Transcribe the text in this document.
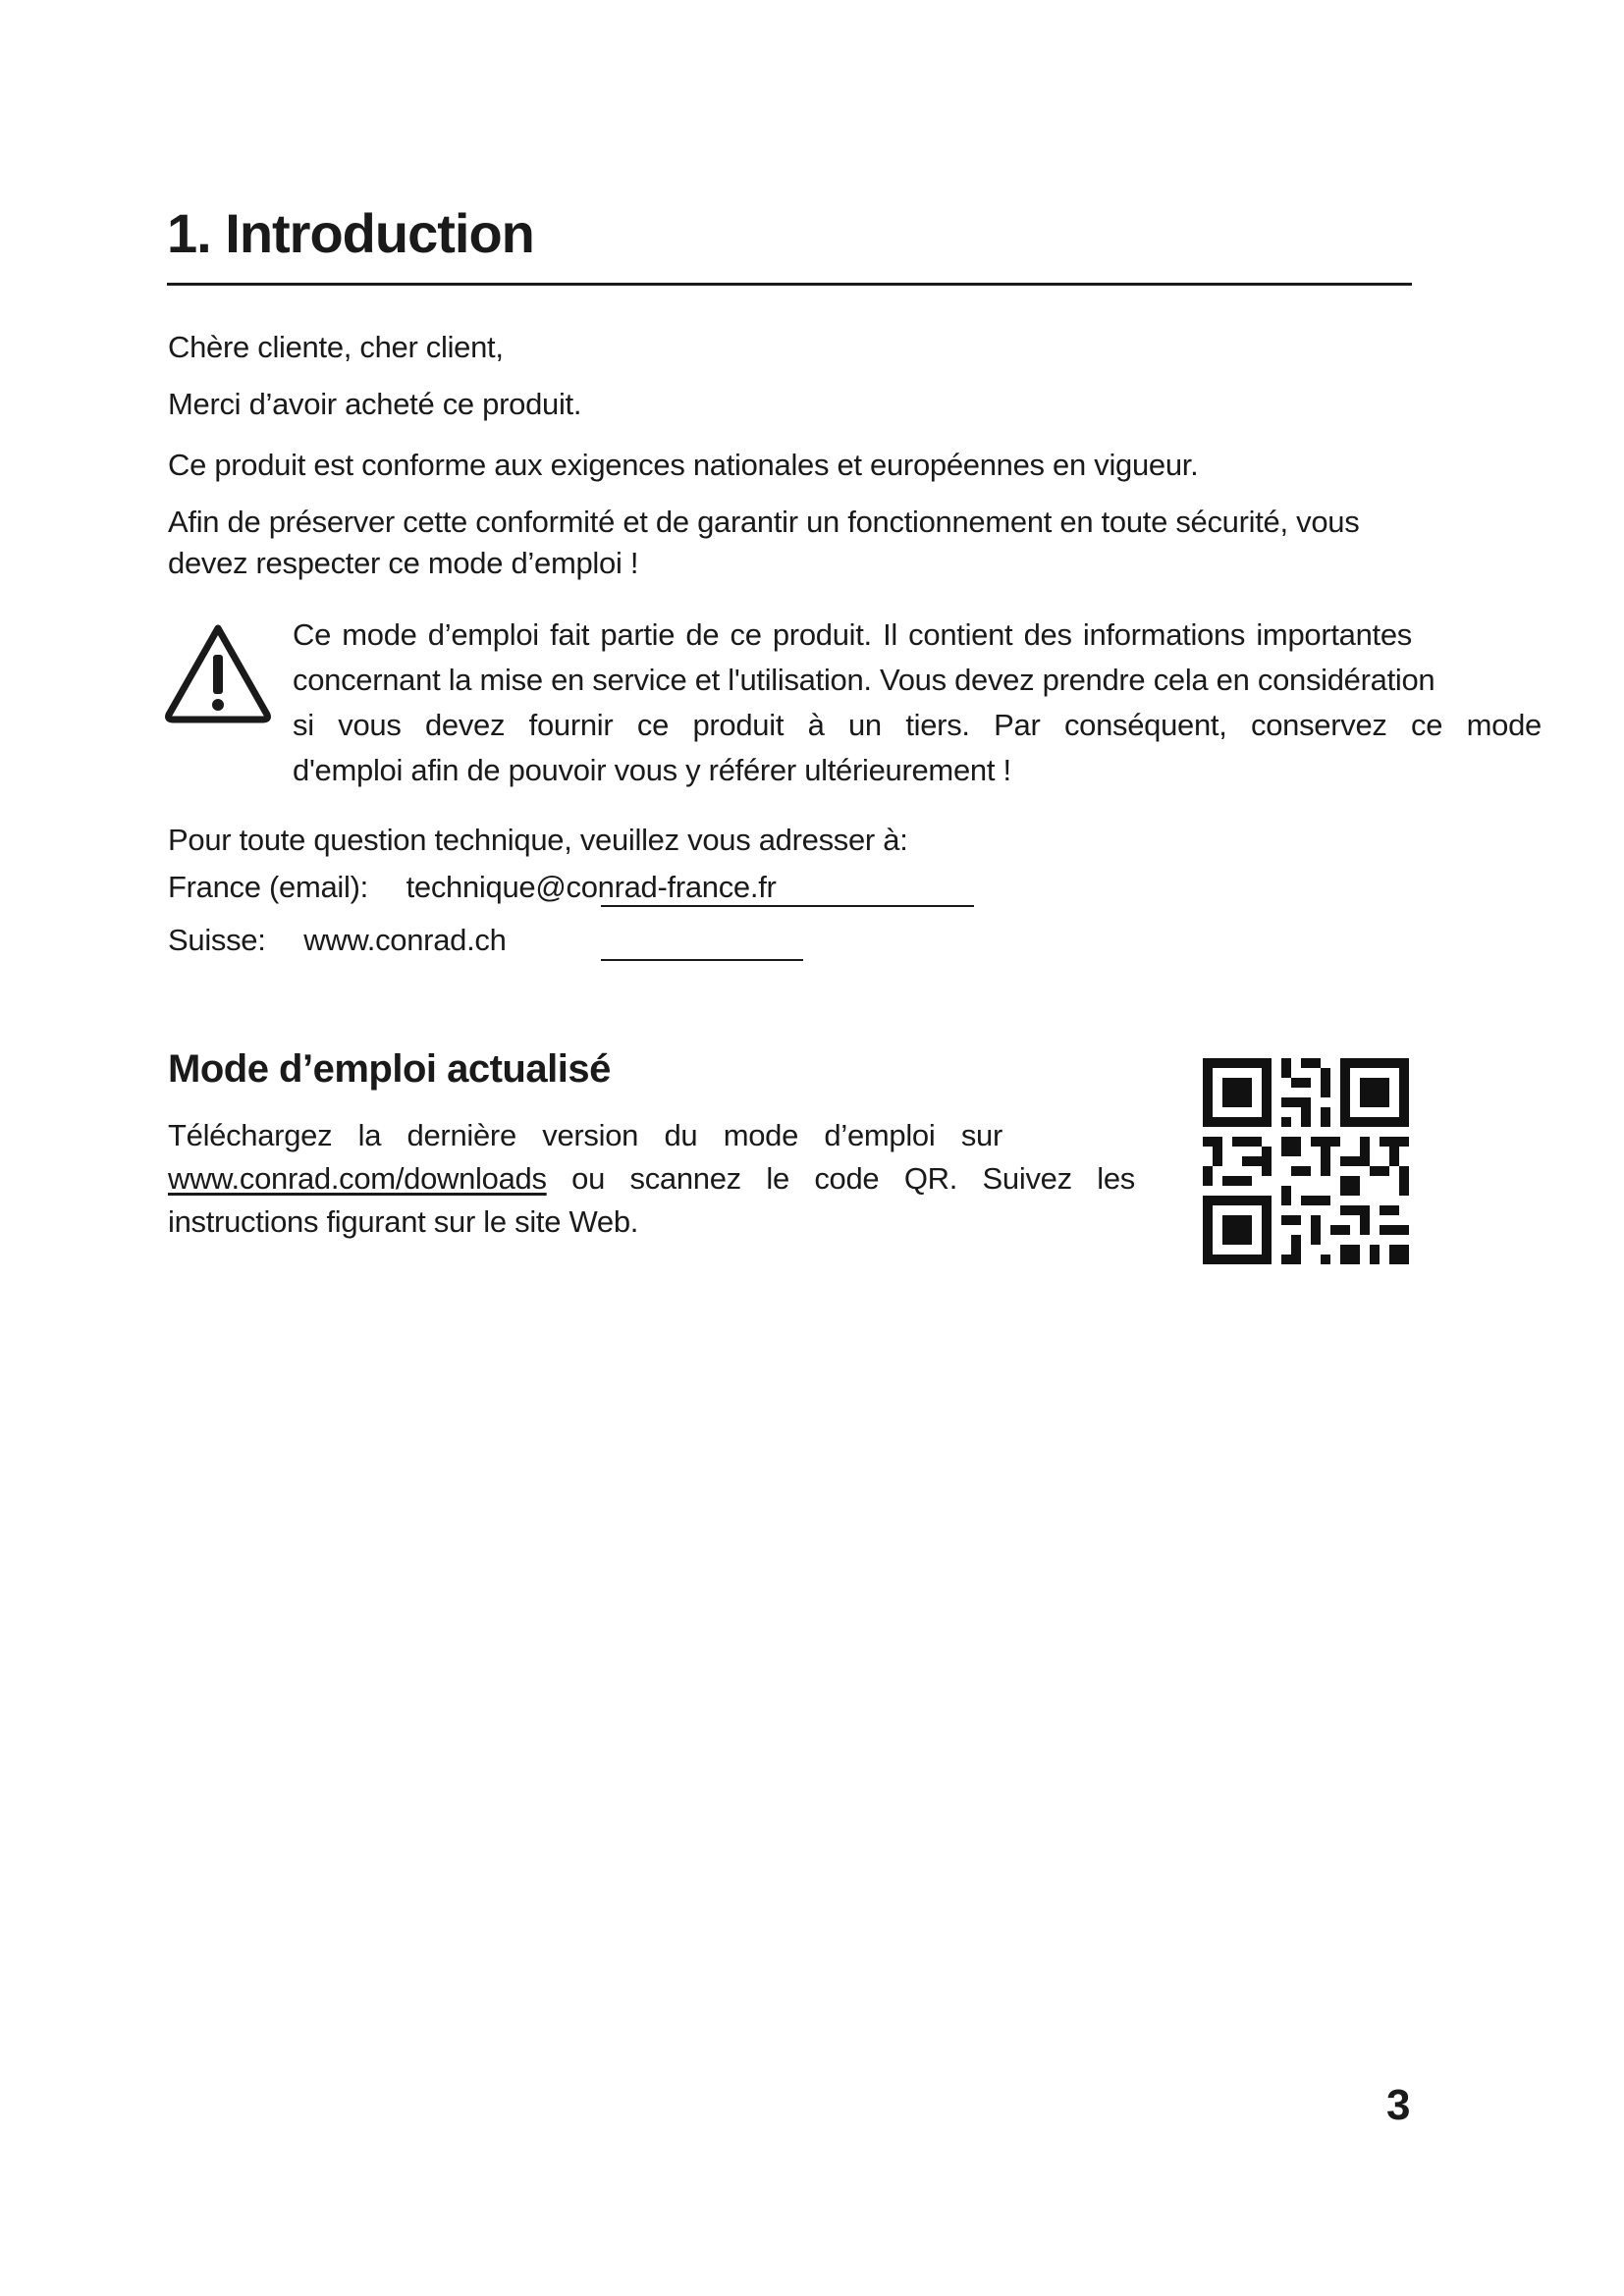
1. Introduction
Chère cliente, cher client,
Merci d’avoir acheté ce produit.
Ce produit est conforme aux exigences nationales et européennes en vigueur.
Afin de préserver cette conformité et de garantir un fonctionnement en toute sécurité, vous
devez respecter ce mode d’emploi !
Ce mode d’emploi fait partie de ce produit. Il contient des informations importantes
concernant la mise en service et l'utilisation. Vous devez prendre cela en considération
si vous devez fournir ce produit à un tiers. Par conséquent, conservez ce mode
d'emploi afin de pouvoir vous y référer ultérieurement !
Pour toute question technique, veuillez vous adresser à:
France (email): technique@conrad-france.fr
Suisse: www.conrad.ch
Mode d’emploi actualisé
Téléchargez la dernière version du mode d’emploi sur
www.conrad.com/downloads ou scannez le code QR. Suivez les
instructions figurant sur le site Web.
3
